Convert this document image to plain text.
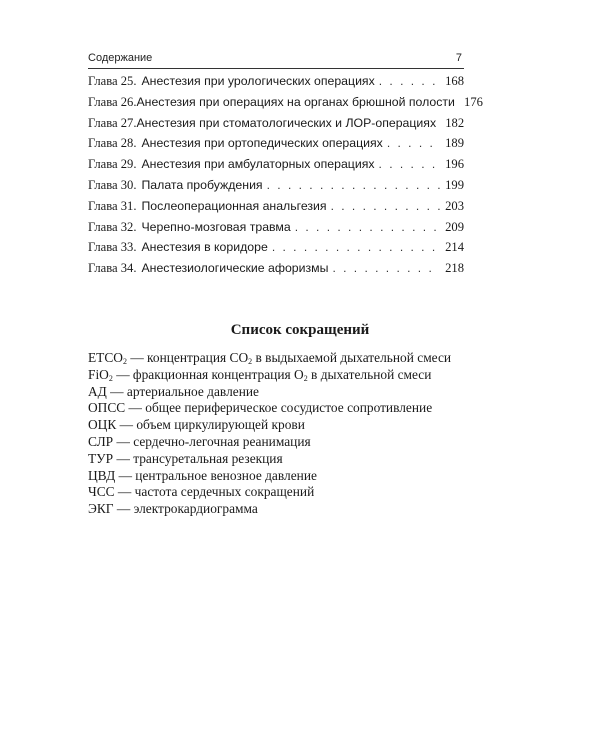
Содержание	7
Глава 25. Анестезия при урологических операциях . . .	168
Глава 26. Анестезия при операциях на органах брюшной полости 176
Глава 27. Анестезия при стоматологических и ЛОР-операциях 182
Глава 28. Анестезия при ортопедических операциях . . .	189
Глава 29. Анестезия при амбулаторных операциях . . .	196
Глава 30. Палата пробуждения . . .	199
Глава 31. Послеоперационная анальгезия . . .	203
Глава 32. Черепно-мозговая травма . . .	209
Глава 33. Анестезия в коридоре . . .	214
Глава 34. Анестезиологические афоризмы . . .	218
Список сокращений
$ETCO_2$ — концентрация $CO_2$ в выдыхаемой дыхательной смеси
FiO$_2$ — фракционная концентрация $O_2$ в дыхательной смеси
АД — артериальное давление
ОПСС — общее периферическое сосудистое сопротивление
ОЦК — объем циркулирующей крови
СЛР — сердечно-легочная реанимация
ТУР — трансуретальная резекция
ЦВД — центральное венозное давление
ЧСС — частота сердечных сокращений
ЭКГ — электрокардиограмма
